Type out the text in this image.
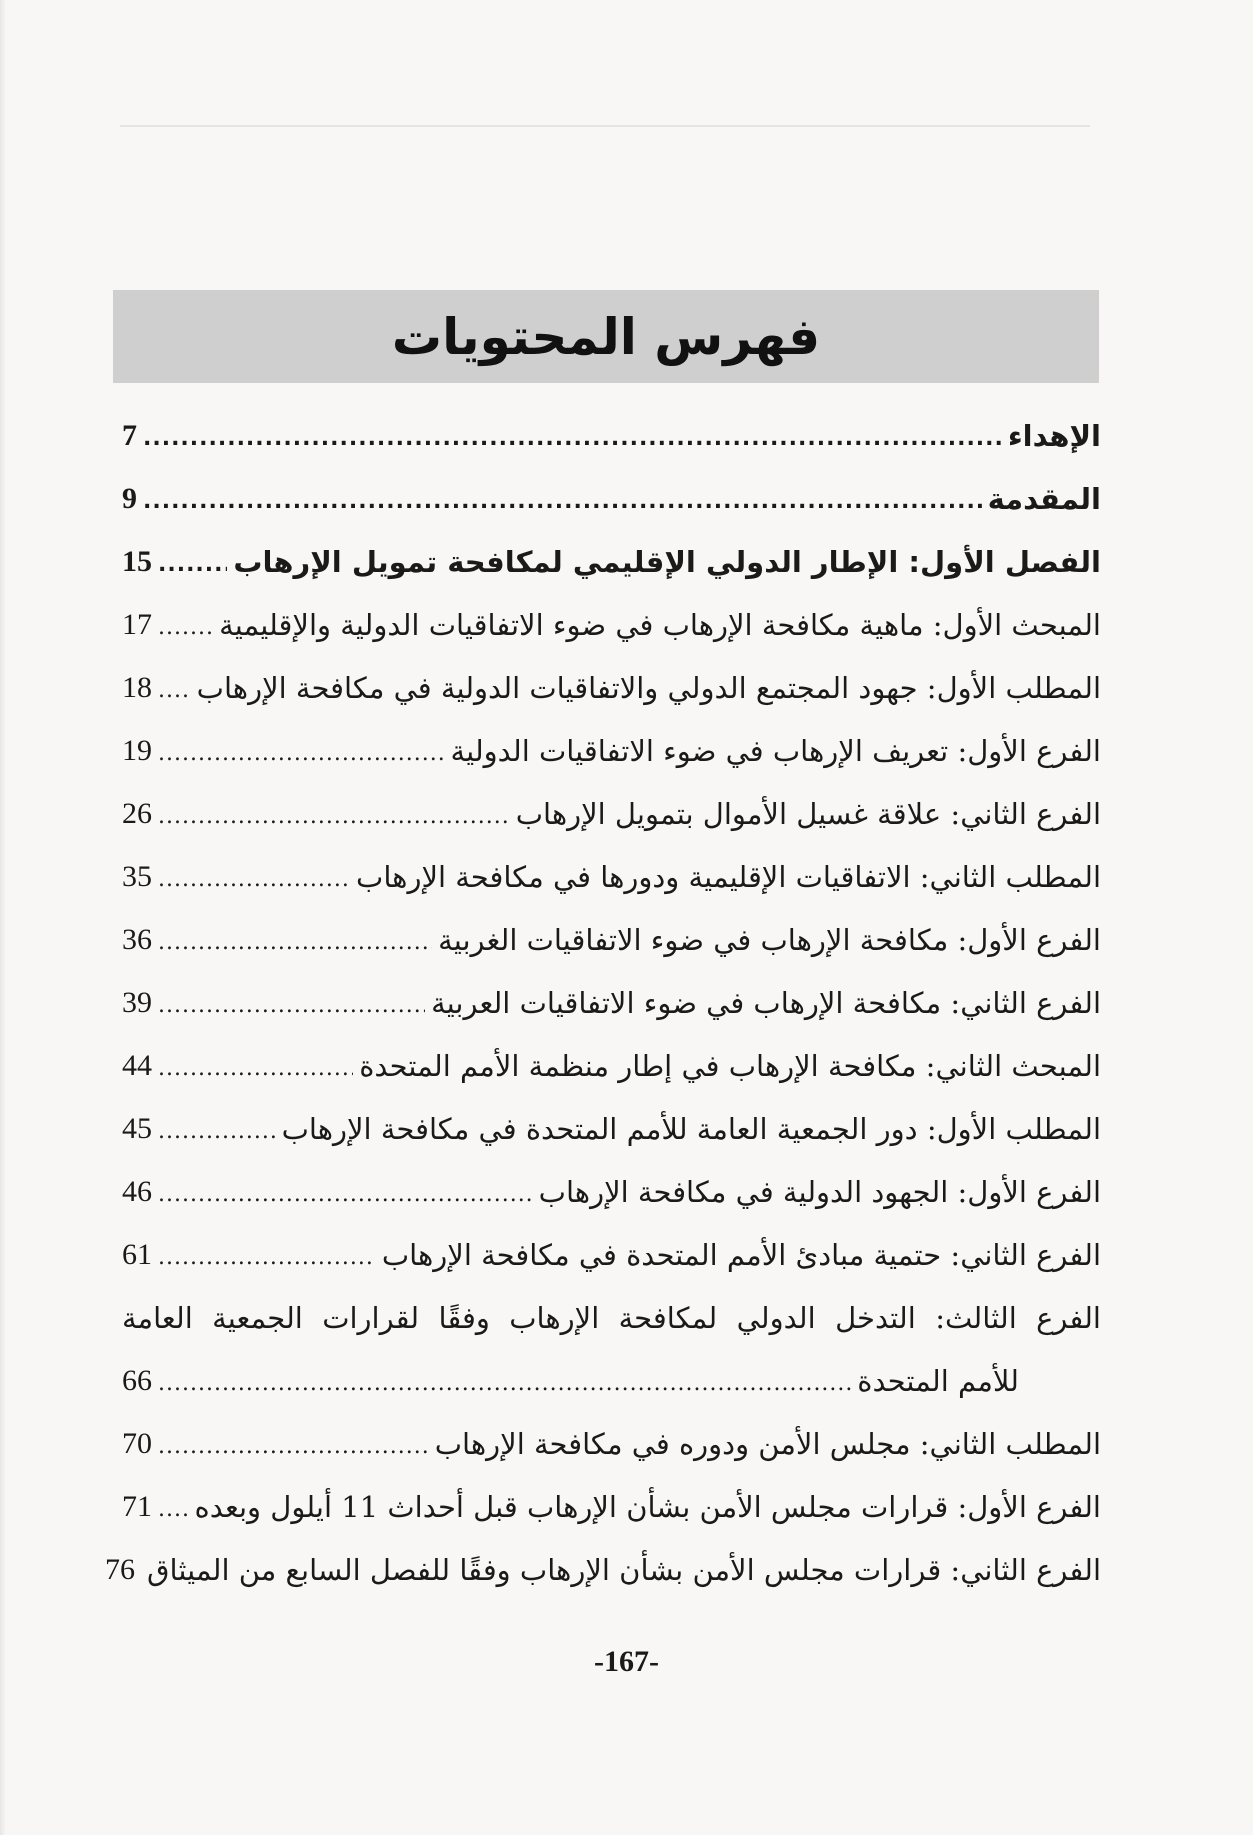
فهرس المحتويات
الإهداء
.....
7
المقدمة
.....
9
الفصل الأول: الإطار الدولي الإقليمي لمكافحة تمويل الإرهاب
.....
15
المبحث الأول: ماهية مكافحة الإرهاب في ضوء الاتفاقيات الدولية والإقليمية
.....
17
المطلب الأول: جهود المجتمع الدولي والاتفاقيات الدولية في مكافحة الإرهاب
.....
18
الفرع الأول: تعريف الإرهاب في ضوء الاتفاقيات الدولية
.....
19
الفرع الثاني: علاقة غسيل الأموال بتمويل الإرهاب
.....
26
المطلب الثاني: الاتفاقيات الإقليمية ودورها في مكافحة الإرهاب
.....
35
الفرع الأول: مكافحة الإرهاب في ضوء الاتفاقيات الغربية
.....
36
الفرع الثاني: مكافحة الإرهاب في ضوء الاتفاقيات العربية
.....
39
المبحث الثاني: مكافحة الإرهاب في إطار منظمة الأمم المتحدة
.....
44
المطلب الأول: دور الجمعية العامة للأمم المتحدة في مكافحة الإرهاب
.....
45
الفرع الأول: الجهود الدولية في مكافحة الإرهاب
.....
46
الفرع الثاني: حتمية مبادئ الأمم المتحدة في مكافحة الإرهاب
.....
61
الفرع الثالث: التدخل الدولي لمكافحة الإرهاب وفقًا لقرارات الجمعية العامة
للأمم المتحدة
.....
66
المطلب الثاني: مجلس الأمن ودوره في مكافحة الإرهاب
.....
70
الفرع الأول: قرارات مجلس الأمن بشأن الإرهاب قبل أحداث 11 أيلول وبعده
.....
71
الفرع الثاني: قرارات مجلس الأمن بشأن الإرهاب وفقًا للفصل السابع من الميثاق
76
-167-
